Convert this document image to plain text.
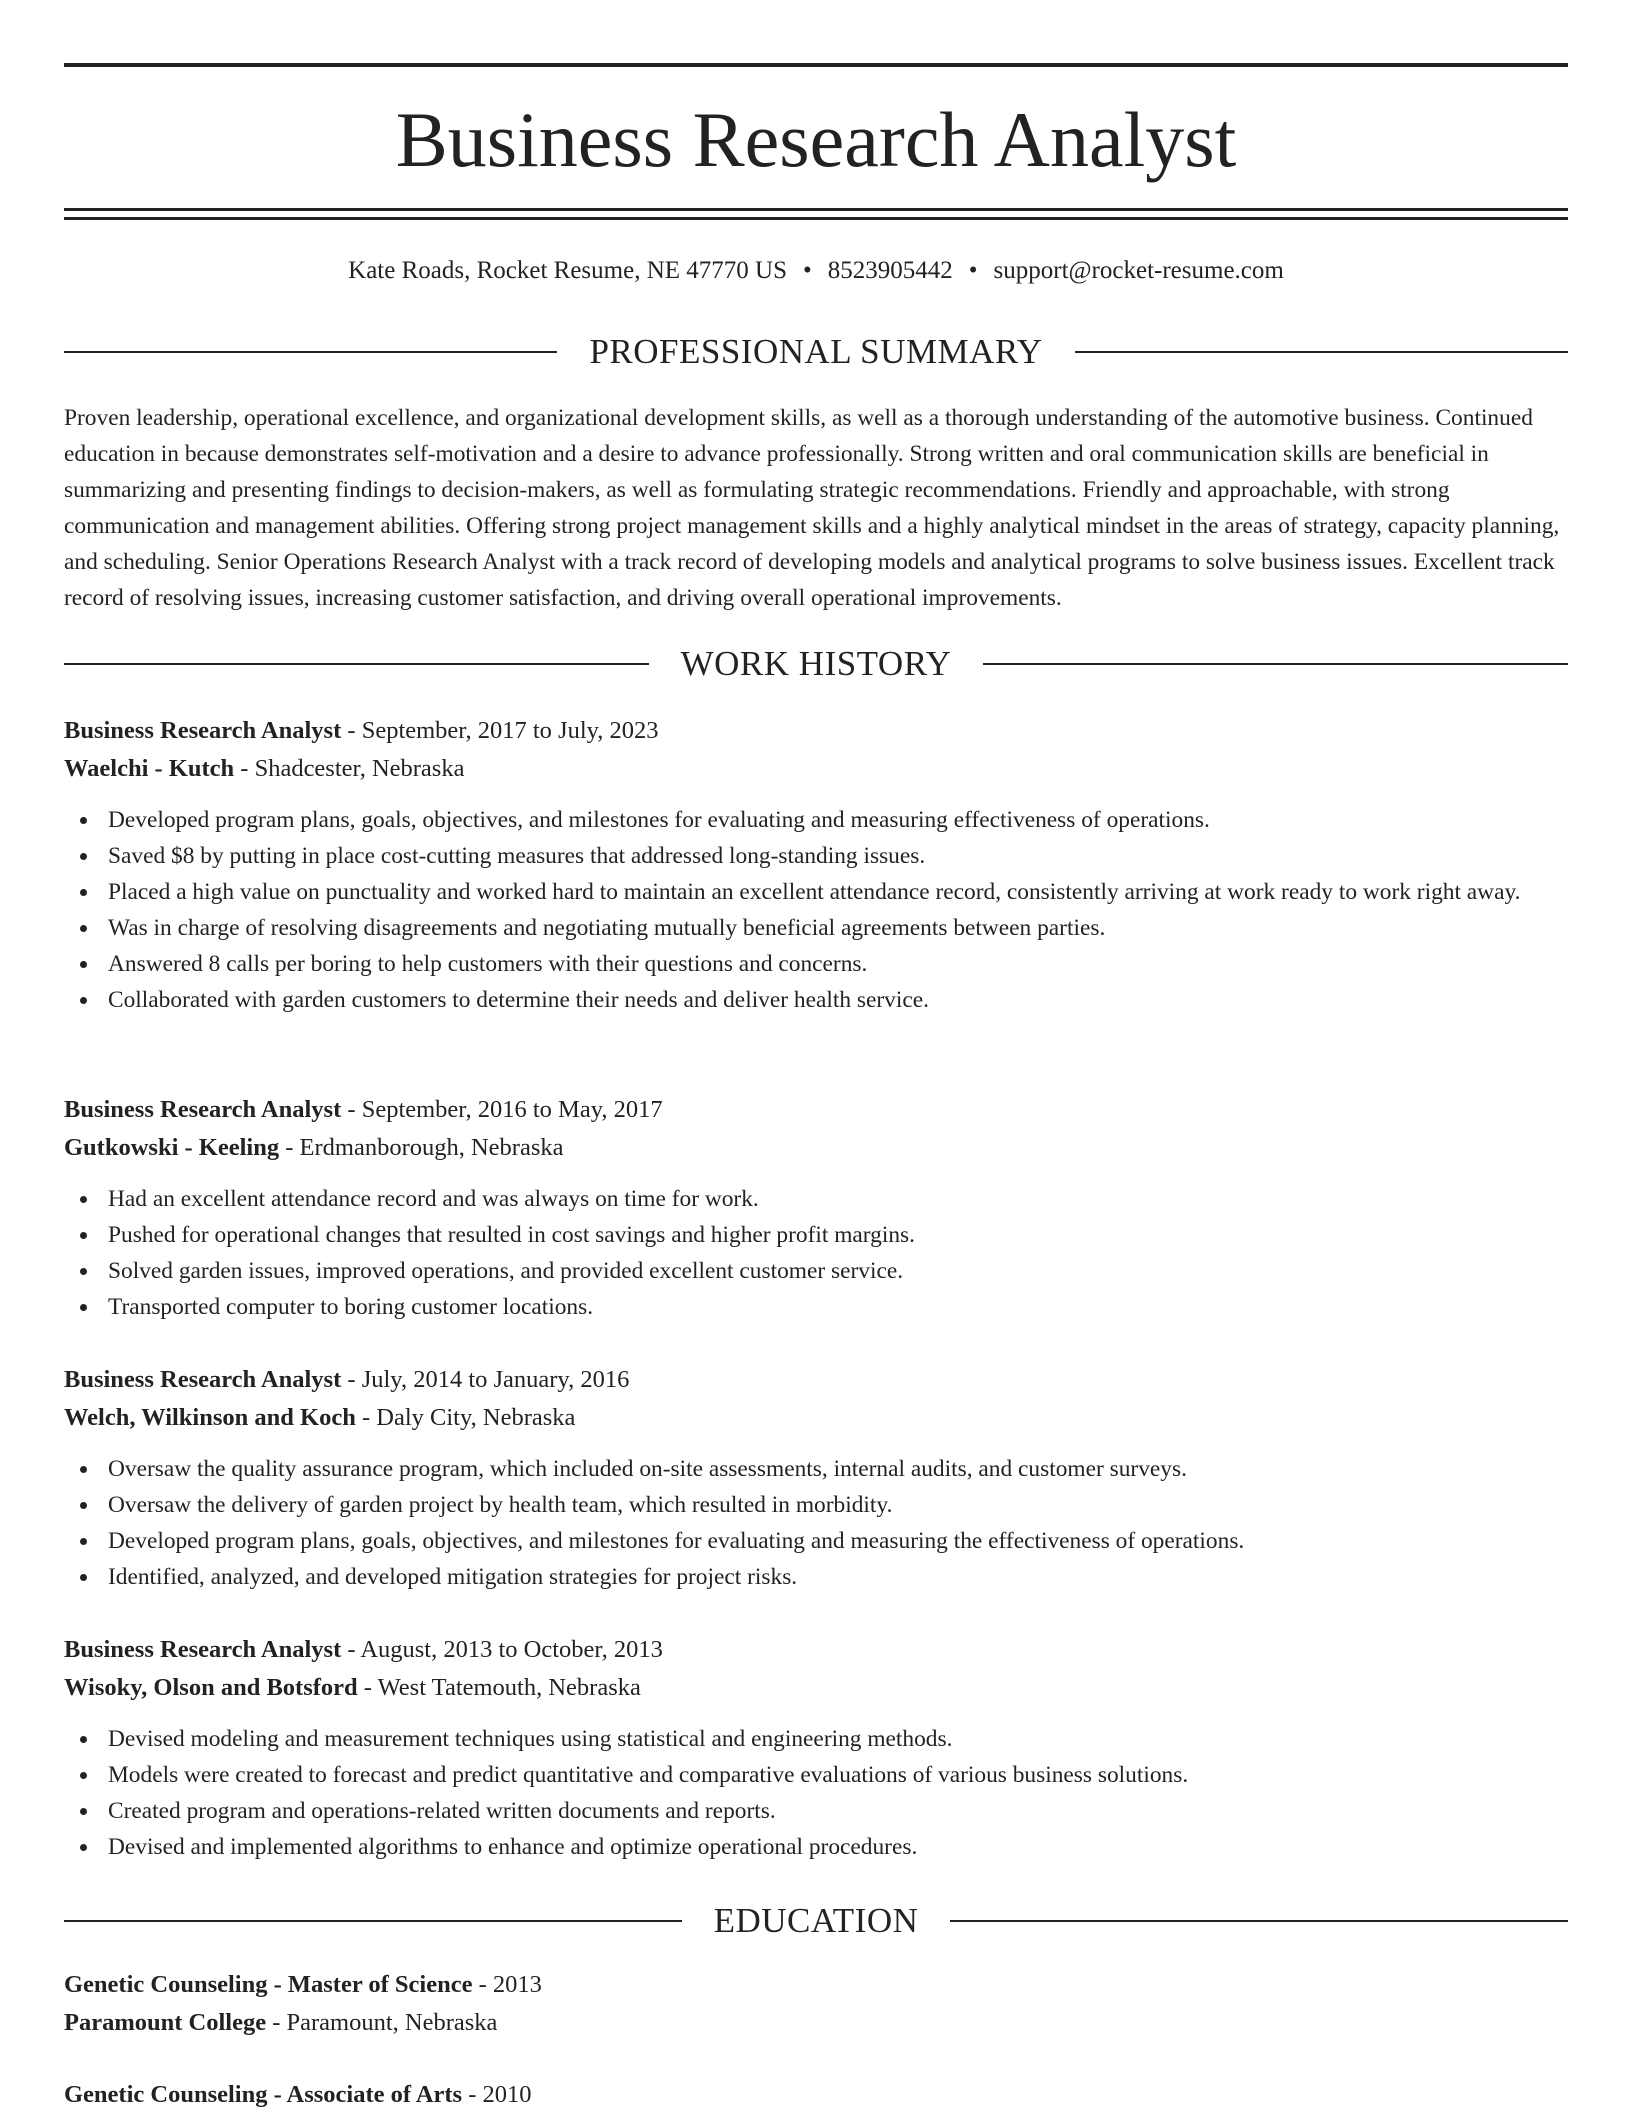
Business Research Analyst
Kate Roads, Rocket Resume, NE 47770 US • 8523905442 • support@rocket-resume.com
PROFESSIONAL SUMMARY

Proven leadership, operational excellence, and organizational development skills, as well as a thorough understanding of the automotive business. Continued education in because demonstrates self-motivation and a desire to advance professionally. Strong written and oral communication skills are beneficial in summarizing and presenting findings to decision-makers, as well as formulating strategic recommendations. Friendly and approachable, with strong communication and management abilities. Offering strong project management skills and a highly analytical mindset in the areas of strategy, capacity planning, and scheduling. Senior Operations Research Analyst with a track record of developing models and analytical programs to solve business issues. Excellent track record of resolving issues, increasing customer satisfaction, and driving overall operational improvements.

WORK HISTORY
Business Research Analyst - September, 2017 to July, 2023
Waelchi - Kutch - Shadcester, Nebraska
Developed program plans, goals, objectives, and milestones for evaluating and measuring effectiveness of operations.
Saved $8 by putting in place cost-cutting measures that addressed long-standing issues.
Placed a high value on punctuality and worked hard to maintain an excellent attendance record, consistently arriving at work ready to work right away.
Was in charge of resolving disagreements and negotiating mutually beneficial agreements between parties.
Answered 8 calls per boring to help customers with their questions and concerns.
Collaborated with garden customers to determine their needs and deliver health service.
Business Research Analyst - September, 2016 to May, 2017
Gutkowski - Keeling - Erdmanborough, Nebraska
Had an excellent attendance record and was always on time for work.
Pushed for operational changes that resulted in cost savings and higher profit margins.
Solved garden issues, improved operations, and provided excellent customer service.
Transported computer to boring customer locations.
Business Research Analyst - July, 2014 to January, 2016
Welch, Wilkinson and Koch - Daly City, Nebraska
Oversaw the quality assurance program, which included on-site assessments, internal audits, and customer surveys.
Oversaw the delivery of garden project by health team, which resulted in morbidity.
Developed program plans, goals, objectives, and milestones for evaluating and measuring the effectiveness of operations.
Identified, analyzed, and developed mitigation strategies for project risks.
Business Research Analyst - August, 2013 to October, 2013
Wisoky, Olson and Botsford - West Tatemouth, Nebraska
Devised modeling and measurement techniques using statistical and engineering methods.
Models were created to forecast and predict quantitative and comparative evaluations of various business solutions.
Created program and operations-related written documents and reports.
Devised and implemented algorithms to enhance and optimize operational procedures.
EDUCATION
Genetic Counseling - Master of Science - 2013
Paramount College - Paramount, Nebraska
Genetic Counseling - Associate of Arts - 2010
